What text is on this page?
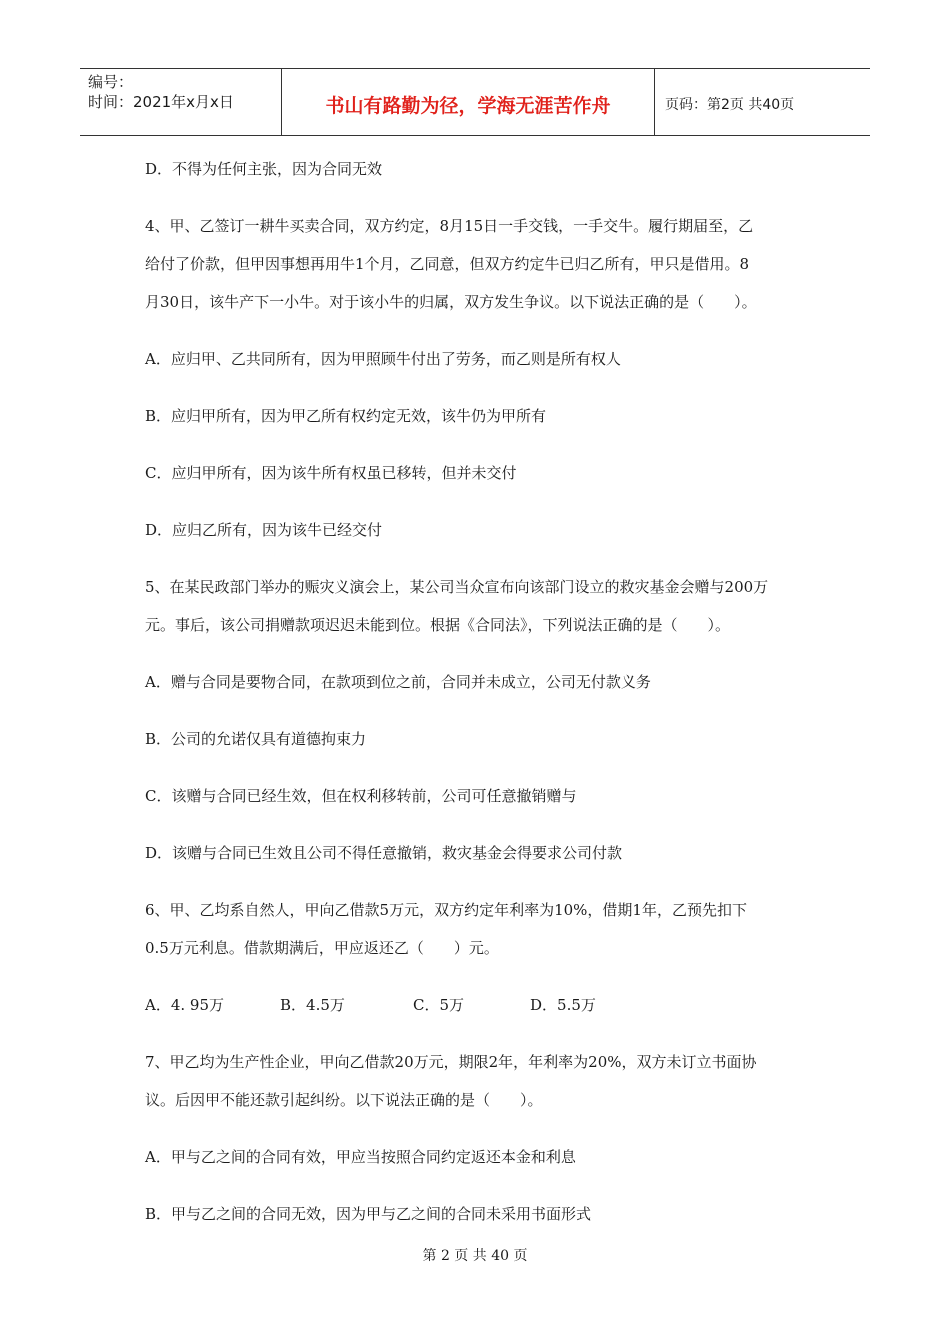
编号：
时间：2021年x月x日	书山有路勤为径，学海无涯苦作舟	页码：第2页 共40页

D．不得为任何主张，因为合同无效

4、甲、乙签订一耕牛买卖合同，双方约定，8月15日一手交钱，一手交牛。履行期届至，乙

给付了价款，但甲因事想再用牛1个月，乙同意，但双方约定牛已归乙所有，甲只是借用。8

月30日，该牛产下一小牛。对于该小牛的归属，双方发生争议。以下说法正确的是（　　）。

A．应归甲、乙共同所有，因为甲照顾牛付出了劳务，而乙则是所有权人

B．应归甲所有，因为甲乙所有权约定无效，该牛仍为甲所有

C．应归甲所有，因为该牛所有权虽已移转，但并未交付

D．应归乙所有，因为该牛已经交付

5、在某民政部门举办的赈灾义演会上，某公司当众宣布向该部门设立的救灾基金会赠与200万

元。事后，该公司捐赠款项迟迟未能到位。根据《合同法》，下列说法正确的是（　　）。

A．赠与合同是要物合同，在款项到位之前，合同并未成立，公司无付款义务

B．公司的允诺仅具有道德拘束力

C．该赠与合同已经生效，但在权利移转前，公司可任意撤销赠与

D．该赠与合同已生效且公司不得任意撤销，救灾基金会得要求公司付款

6、甲、乙均系自然人，甲向乙借款5万元，双方约定年利率为10%，借期1年，乙预先扣下

0.5万元利息。借款期满后，甲应返还乙（　　）元。

A．4. 95万	B．4.5万	C．5万	D．5.5万

7、甲乙均为生产性企业，甲向乙借款20万元，期限2年，年利率为20%，双方未订立书面协

议。后因甲不能还款引起纠纷。以下说法正确的是（　　）。

A．甲与乙之间的合同有效，甲应当按照合同约定返还本金和利息

B．甲与乙之间的合同无效，因为甲与乙之间的合同未采用书面形式

第 2 页 共 40 页
